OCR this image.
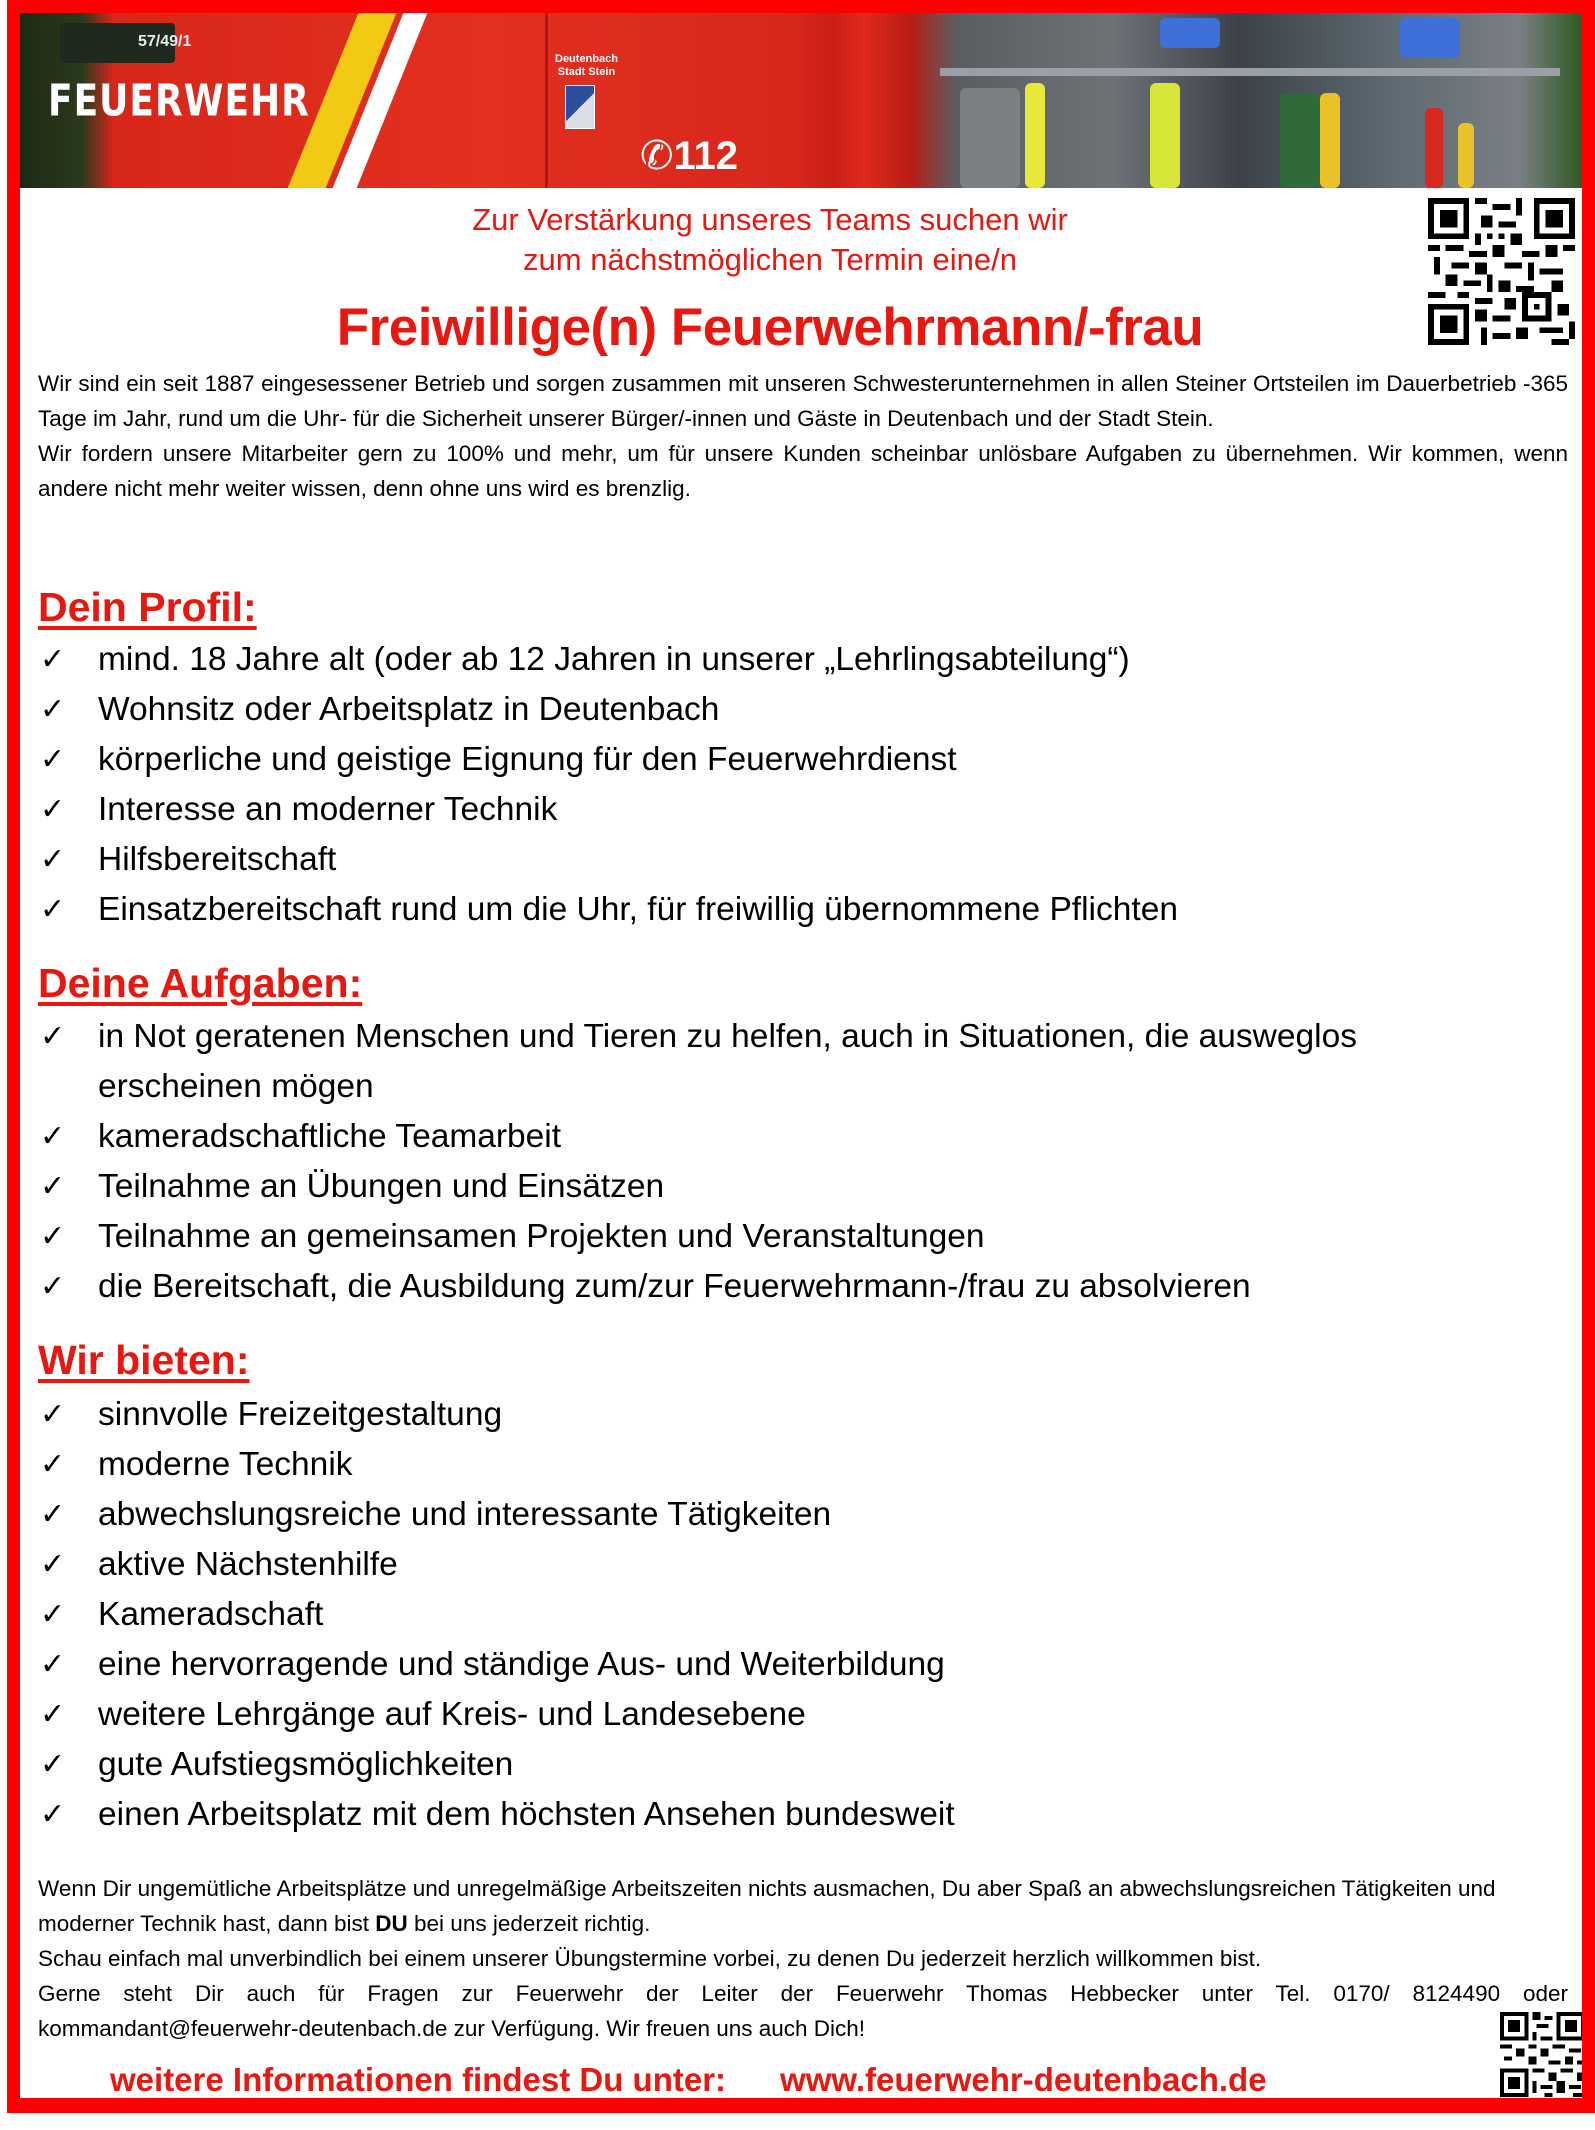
57/49/1
FEUERWEHR
Deutenbach
Stadt Stein
✆112
Zur Verstärkung unseres Teams suchen wir
zum nächstmöglichen Termin eine/n
Freiwillige(n) Feuerwehrmann/-frau

Wir sind ein seit 1887 eingesessener Betrieb und sorgen zusammen mit unseren Schwesterunternehmen in allen Steiner Ortsteilen im Dauerbetrieb -365 Tage im Jahr, rund um die Uhr- für die Sicherheit unserer Bürger/-innen und Gäste in Deutenbach und der Stadt Stein.

Wir fordern unsere Mitarbeiter gern zu 100% und mehr, um für unsere Kunden scheinbar unlösbare Aufgaben zu übernehmen. Wir kommen, wenn andere nicht mehr weiter wissen, denn ohne uns wird es brenzlig.

Dein Profil:
✓ mind. 18 Jahre alt (oder ab 12 Jahren in unserer „Lehrlingsabteilung“)
✓ Wohnsitz oder Arbeitsplatz in Deutenbach
✓ körperliche und geistige Eignung für den Feuerwehrdienst
✓ Interesse an moderner Technik
✓ Hilfsbereitschaft
✓ Einsatzbereitschaft rund um die Uhr, für freiwillig übernommene Pflichten
Deine Aufgaben:
✓ in Not geratenen Menschen und Tieren zu helfen, auch in Situationen, die ausweglos erscheinen mögen
✓ kameradschaftliche Teamarbeit
✓ Teilnahme an Übungen und Einsätzen
✓ Teilnahme an gemeinsamen Projekten und Veranstaltungen
✓ die Bereitschaft, die Ausbildung zum/zur Feuerwehrmann-/frau zu absolvieren
Wir bieten:
✓ sinnvolle Freizeitgestaltung
✓ moderne Technik
✓ abwechslungsreiche und interessante Tätigkeiten
✓ aktive Nächstenhilfe
✓ Kameradschaft
✓ eine hervorragende und ständige Aus- und Weiterbildung
✓ weitere Lehrgänge auf Kreis- und Landesebene
✓ gute Aufstiegsmöglichkeiten
✓ einen Arbeitsplatz mit dem höchsten Ansehen bundesweit

Wenn Dir ungemütliche Arbeitsplätze und unregelmäßige Arbeitszeiten nichts ausmachen, Du aber Spaß an abwechslungsreichen Tätigkeiten und moderner Technik hast, dann bist DU bei uns jederzeit richtig.

Schau einfach mal unverbindlich bei einem unserer Übungstermine vorbei, zu denen Du jederzeit herzlich willkommen bist.

Gerne steht Dir auch für Fragen zur Feuerwehr der Leiter der Feuerwehr Thomas Hebbecker unter Tel. 0170/ 8124490 oder

kommandant@feuerwehr-deutenbach.de zur Verfügung. Wir freuen uns auch Dich!

weitere Informationen findest Du unter: www.feuerwehr-deutenbach.de
